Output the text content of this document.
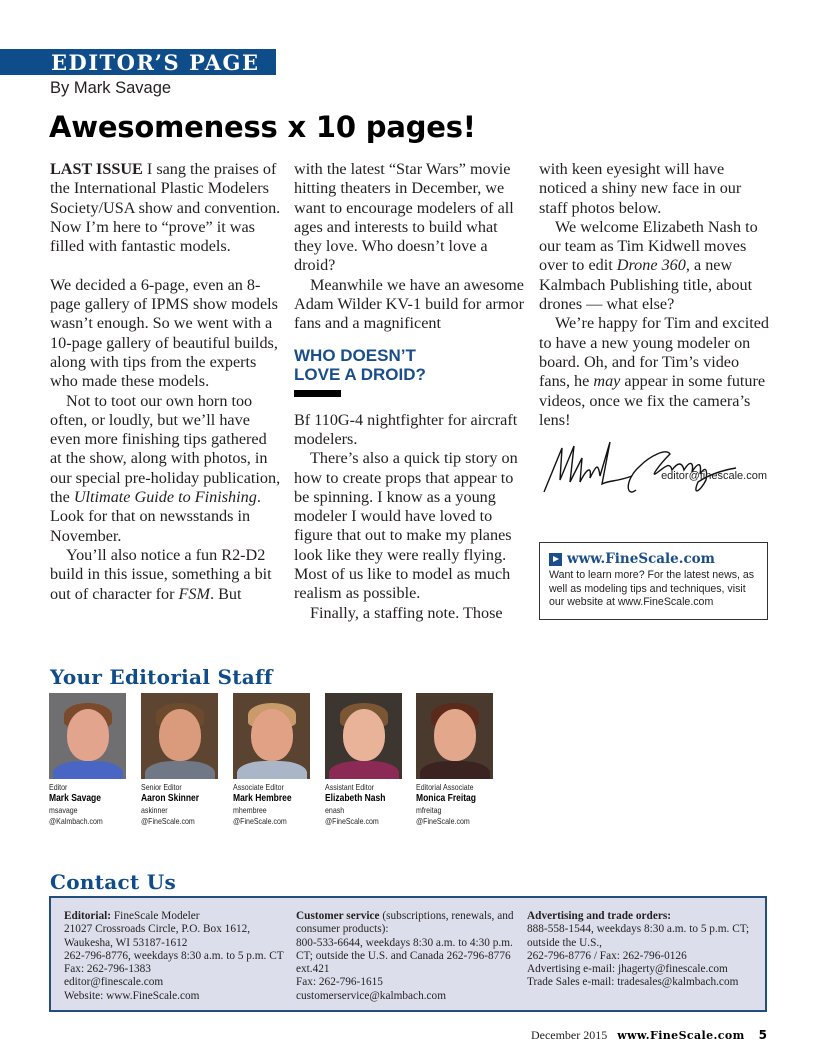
EDITOR’S PAGE
By Mark Savage
Awesomeness x 10 pages!

LAST ISSUE I sang the praises of the International Plastic Modelers Society/USA show and convention. Now I’m here to “prove” it was filled with fantastic models.

We decided a 6-page, even an 8-page gallery of IPMS show models wasn’t enough. So we went with a 10-page gallery of beautiful builds, along with tips from the experts who made these models.

Not to toot our own horn too often, or loudly, but we’ll have even more finishing tips gathered at the show, along with photos, in our special pre-holiday publication, the Ultimate Guide to Finishing. Look for that on newsstands in November.

You’ll also notice a fun R2-D2 build in this issue, something a bit out of character for FSM. But

with the latest “Star Wars” movie hitting theaters in December, we want to encourage modelers of all ages and interests to build what they love. Who doesn’t love a droid?

Meanwhile we have an awesome Adam Wilder KV-1 build for armor fans and a magnificent

WHO DOESN’T
LOVE A DROID?

Bf 110G-4 nightfighter for aircraft modelers.

There’s also a quick tip story on how to create props that appear to be spinning. I know as a young modeler I would have loved to figure that out to make my planes look like they were really flying. Most of us like to model as much realism as possible.

Finally, a staffing note. Those

with keen eyesight will have noticed a shiny new face in our staff photos below.

We welcome Elizabeth Nash to our team as Tim Kidwell moves over to edit Drone 360, a new Kalmbach Publishing title, about drones — what else?

We’re happy for Tim and excited to have a new young modeler on board. Oh, and for Tim’s video fans, he may appear in some future videos, once we fix the camera’s lens!

editor@finescale.com
www.FineScale.com
Want to learn more? For the latest news, as well as modeling tips and techniques, visit our website at www.FineScale.com
Your Editorial Staff
Editor
Mark Savage
msavage
@Kalmbach.com
Senior Editor
Aaron Skinner
askinner
@FineScale.com
Associate Editor
Mark Hembree
mhembree
@FineScale.com
Assistant Editor
Elizabeth Nash
enash
@FineScale.com
Editorial Associate
Monica Freitag
mfreitag
@FineScale.com
Contact Us
Editorial: FineScale Modeler
21027 Crossroads Circle, P.O. Box 1612,
Waukesha, WI 53187-1612
262-796-8776, weekdays 8:30 a.m. to 5 p.m. CT
Fax: 262-796-1383
editor@finescale.com
Website: www.FineScale.com
Customer service (subscriptions, renewals, and consumer products):
800-533-6644, weekdays 8:30 a.m. to 4:30 p.m. CT; outside the U.S. and Canada 262-796-8776 ext.421
Fax: 262-796-1615
customerservice@kalmbach.com
Advertising and trade orders:
888-558-1544, weekdays 8:30 a.m. to 5 p.m. CT; outside the U.S.,
262-796-8776 / Fax: 262-796-0126
Advertising e-mail: jhagerty@finescale.com
Trade Sales e-mail: tradesales@kalmbach.com
December 2015 www.FineScale.com 5
